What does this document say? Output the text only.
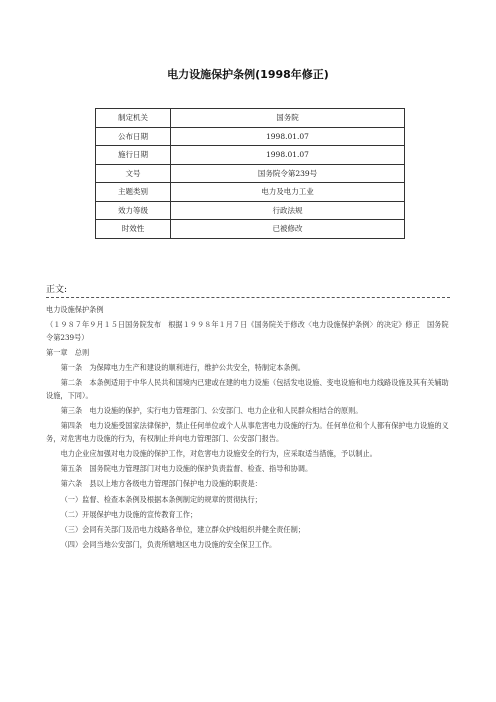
电力设施保护条例(1998年修正)
制定机关	国务院
公布日期	1998.01.07
施行日期	1998.01.07
文号	国务院令第239号
主题类别	电力及电力工业
效力等级	行政法规
时效性	已被修改
正文:

电力设施保护条例

（１９８７年９月１５日国务院发布　根据１９９８年１月７日《国务院关于修改〈电力设施保护条例〉的决定》修正　国务院令第239号）

第一章　总则

第一条　为保障电力生产和建设的顺利进行，维护公共安全，特制定本条例。

第二条　本条例适用于中华人民共和国境内已建或在建的电力设施（包括发电设施、变电设施和电力线路设施及其有关辅助设施，下同）。

第三条　电力设施的保护，实行电力管理部门、公安部门、电力企业和人民群众相结合的原则。

第四条　电力设施受国家法律保护，禁止任何单位或个人从事危害电力设施的行为。任何单位和个人都有保护电力设施的义务，对危害电力设施的行为，有权制止并向电力管理部门、公安部门报告。

电力企业应加强对电力设施的保护工作，对危害电力设施安全的行为，应采取适当措施，予以制止。

第五条　国务院电力管理部门对电力设施的保护负责监督、检查、指导和协调。

第六条　县以上地方各级电力管理部门保护电力设施的职责是：

（一）监督、检查本条例及根据本条例制定的规章的贯彻执行；

（二）开展保护电力设施的宣传教育工作；

（三）会同有关部门及沿电力线路各单位，建立群众护线组织并健全责任制；

（四）会同当地公安部门，负责所辖地区电力设施的安全保卫工作。
